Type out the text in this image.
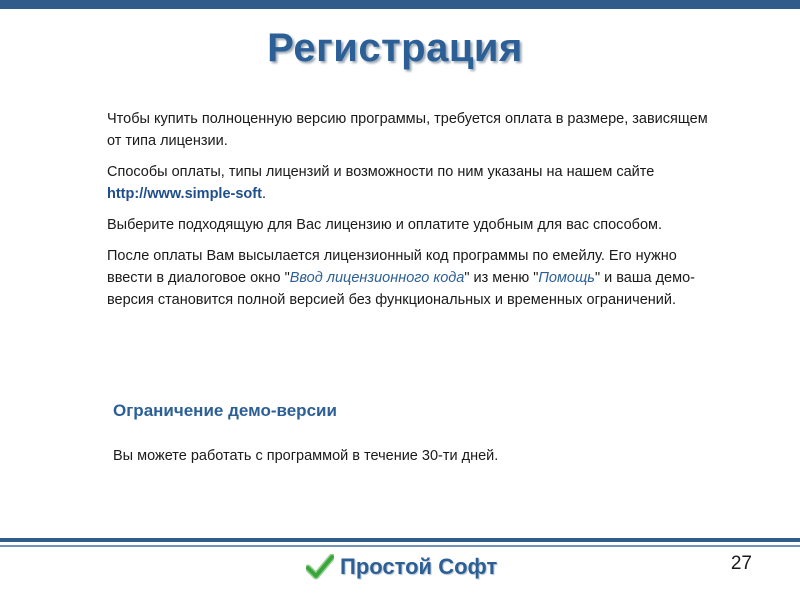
Регистрация

Чтобы купить полноценную версию программы, требуется оплата в размере, зависящем от типа лицензии.

Способы оплаты, типы лицензий и возможности по ним указаны на нашем сайте http://www.simple-soft.

Выберите подходящую для Вас лицензию и оплатите удобным для вас способом.

После оплаты Вам высылается лицензионный код программы по емейлу. Его нужно ввести в диалоговое окно "Ввод лицензионного кода" из меню "Помощь" и ваша демо-версия становится полной версией без функциональных и временных ограничений.

Ограничение демо-версии
Вы можете работать с программой в течение 30-ти дней.
Простой Софт	27
